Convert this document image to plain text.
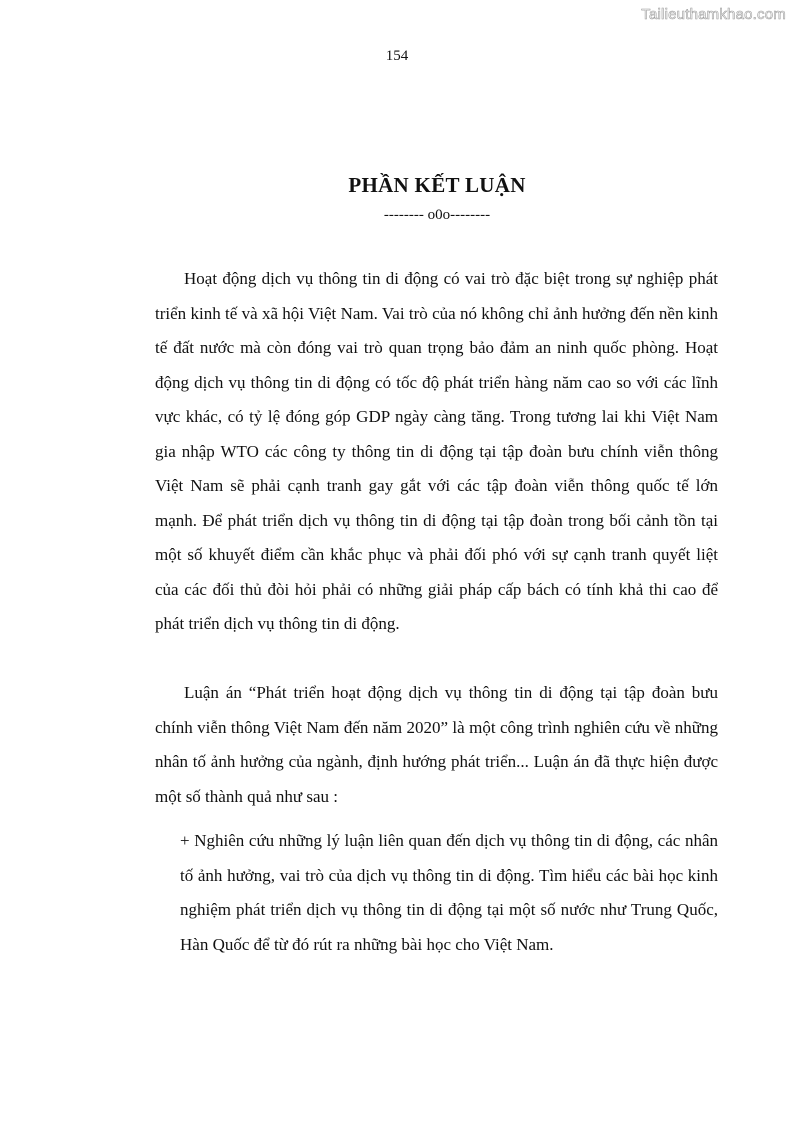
Tailieuthamkhao.com
154
PHẦN KẾT LUẬN
-------- o0o--------

Hoạt động dịch vụ thông tin di động có vai trò đặc biệt trong sự nghiệp phát triển kinh tế và xã hội Việt Nam. Vai trò của nó không chỉ ảnh hưởng đến nền kinh tế đất nước mà còn đóng vai trò quan trọng bảo đảm an ninh quốc phòng. Hoạt động dịch vụ thông tin di động có tốc độ phát triển hàng năm cao so với các lĩnh vực khác, có tỷ lệ đóng góp GDP ngày càng tăng. Trong tương lai khi Việt Nam gia nhập WTO các công ty thông tin di động tại tập đoàn bưu chính viễn thông Việt Nam sẽ phải cạnh tranh gay gắt với các tập đoàn viễn thông quốc tế lớn mạnh. Để phát triển dịch vụ thông tin di động tại tập đoàn trong bối cảnh tồn tại một số khuyết điểm cần khắc phục và phải đối phó với sự cạnh tranh quyết liệt của các đối thủ đòi hỏi phải có những giải pháp cấp bách có tính khả thi cao để phát triển dịch vụ thông tin di động.

Luận án “Phát triển hoạt động dịch vụ thông tin di động tại tập đoàn bưu chính viễn thông Việt Nam đến năm 2020” là một công trình nghiên cứu về những nhân tố ảnh hưởng của ngành, định hướng phát triển... Luận án đã thực hiện được một số thành quả như sau :

+ Nghiên cứu những lý luận liên quan đến dịch vụ thông tin di động, các nhân tố ảnh hưởng, vai trò của dịch vụ thông tin di động. Tìm hiểu các bài học kinh nghiệm phát triển dịch vụ thông tin di động tại một số nước như Trung Quốc, Hàn Quốc để từ đó rút ra những bài học cho Việt Nam.
